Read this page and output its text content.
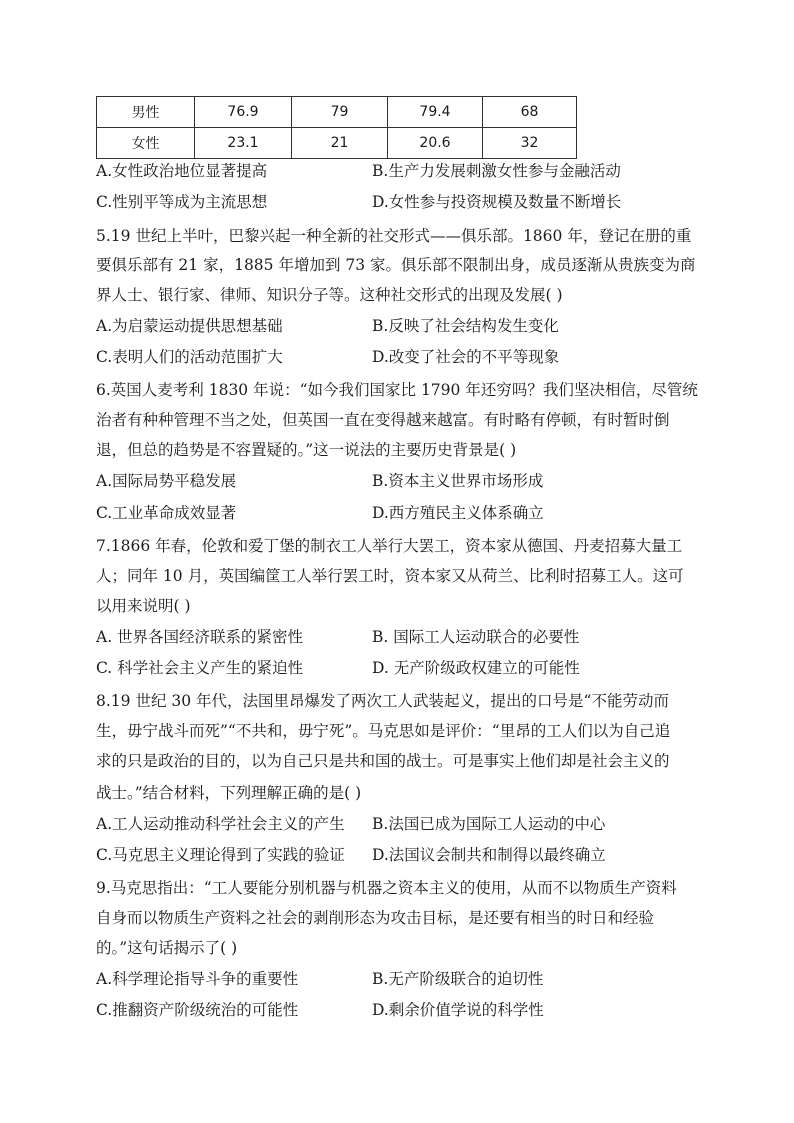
男性	76.9	79	79.4	68
女性	23.1	21	20.6	32
A.女性政治地位显著提高	B.生产力发展刺激女性参与金融活动
C.性别平等成为主流思想	D.女性参与投资规模及数量不断增长
5.19 世纪上半叶，巴黎兴起一种全新的社交形式——俱乐部。1860 年，登记在册的重
要俱乐部有 21 家，1885 年增加到 73 家。俱乐部不限制出身，成员逐渐从贵族变为商
界人士、银行家、律师、知识分子等。这种社交形式的出现及发展( )
A.为启蒙运动提供思想基础	B.反映了社会结构发生变化
C.表明人们的活动范围扩大	D.改变了社会的不平等现象
6.英国人麦考利 1830 年说：“如今我们国家比 1790 年还穷吗？我们坚决相信，尽管统
治者有种种管理不当之处，但英国一直在变得越来越富。有时略有停顿，有时暂时倒
退，但总的趋势是不容置疑的。”这一说法的主要历史背景是( )
A.国际局势平稳发展	B.资本主义世界市场形成
C.工业革命成效显著	D.西方殖民主义体系确立
7.1866 年春，伦敦和爱丁堡的制衣工人举行大罢工，资本家从德国、丹麦招募大量工
人；同年 10 月，英国编筐工人举行罢工时，资本家又从荷兰、比利时招募工人。这可
以用来说明( )
A. 世界各国经济联系的紧密性	B. 国际工人运动联合的必要性
C. 科学社会主义产生的紧迫性	D. 无产阶级政权建立的可能性
8.19 世纪 30 年代，法国里昂爆发了两次工人武装起义，提出的口号是“不能劳动而
生，毋宁战斗而死”“不共和，毋宁死”。马克思如是评价：“里昂的工人们以为自己追
求的只是政治的目的，以为自己只是共和国的战士。可是事实上他们却是社会主义的
战士。”结合材料，下列理解正确的是( )
A.工人运动推动科学社会主义的产生 B.法国已成为国际工人运动的中心
C.马克思主义理论得到了实践的验证 D.法国议会制共和制得以最终确立
9.马克思指出：“工人要能分别机器与机器之资本主义的使用，从而不以物质生产资料
自身而以物质生产资料之社会的剥削形态为攻击目标，是还要有相当的时日和经验
的。”这句话揭示了( )
A.科学理论指导斗争的重要性	B.无产阶级联合的迫切性
C.推翻资产阶级统治的可能性	D.剩余价值学说的科学性
